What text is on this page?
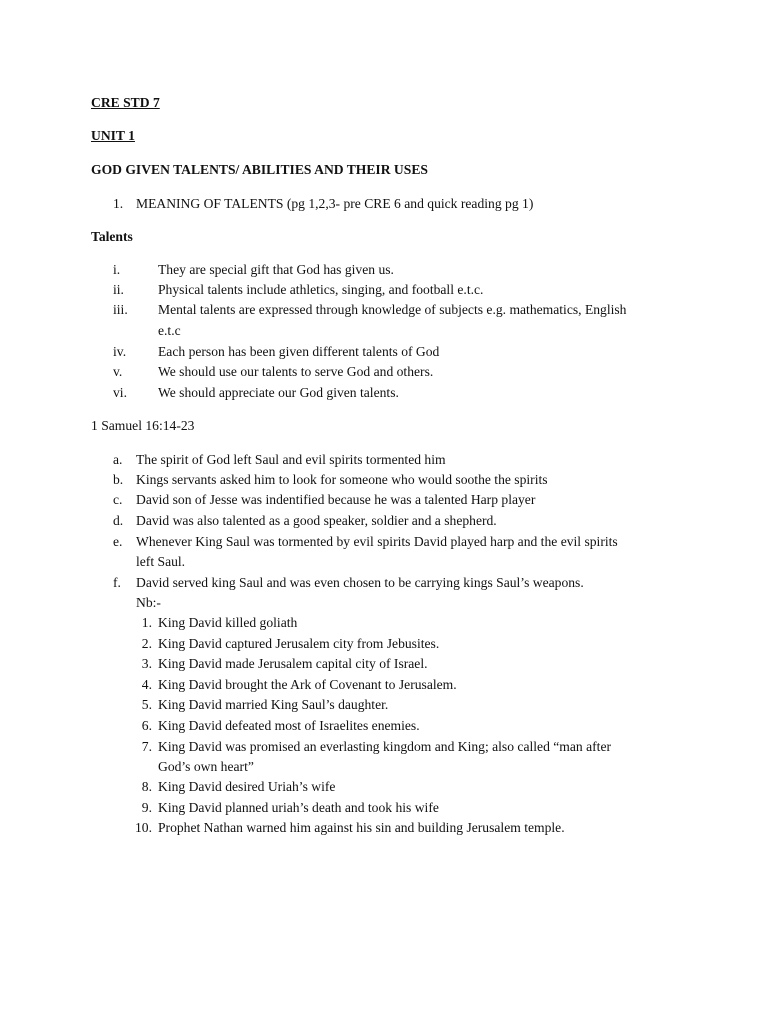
CRE STD 7
UNIT 1
GOD GIVEN TALENTS/ ABILITIES AND THEIR USES
1. MEANING OF TALENTS (pg 1,2,3- pre CRE 6 and quick reading pg 1)
Talents
i.	They are special gift that God has given us.
ii.	Physical talents include athletics, singing, and football e.t.c.
iii. Mental talents are expressed through knowledge of subjects e.g. mathematics, English
e.t.c
iv. Each person has been given different talents of God
v.	We should use our talents to serve God and others.
vi. We should appreciate our God given talents.
1 Samuel 16:14-23
a. The spirit of God left Saul and evil spirits tormented him
b. Kings servants asked him to look for someone who would soothe the spirits
c. David son of Jesse was indentified because he was a talented Harp player
d. David was also talented as a good speaker, soldier and a shepherd.
e. Whenever King Saul was tormented by evil spirits David played harp and the evil spirits
left Saul.
f. David served king Saul and was even chosen to be carrying kings Saul’s weapons.
Nb:-
1. King David killed goliath
2. King David captured Jerusalem city from Jebusites.
3. King David made Jerusalem capital city of Israel.
4. King David brought the Ark of Covenant to Jerusalem.
5. King David married King Saul’s daughter.
6. King David defeated most of Israelites enemies.
7. King David was promised an everlasting kingdom and King; also called “man after
God’s own heart”
8. King David desired Uriah’s wife
9. King David planned uriah’s death and took his wife
10. Prophet Nathan warned him against his sin and building Jerusalem temple.
